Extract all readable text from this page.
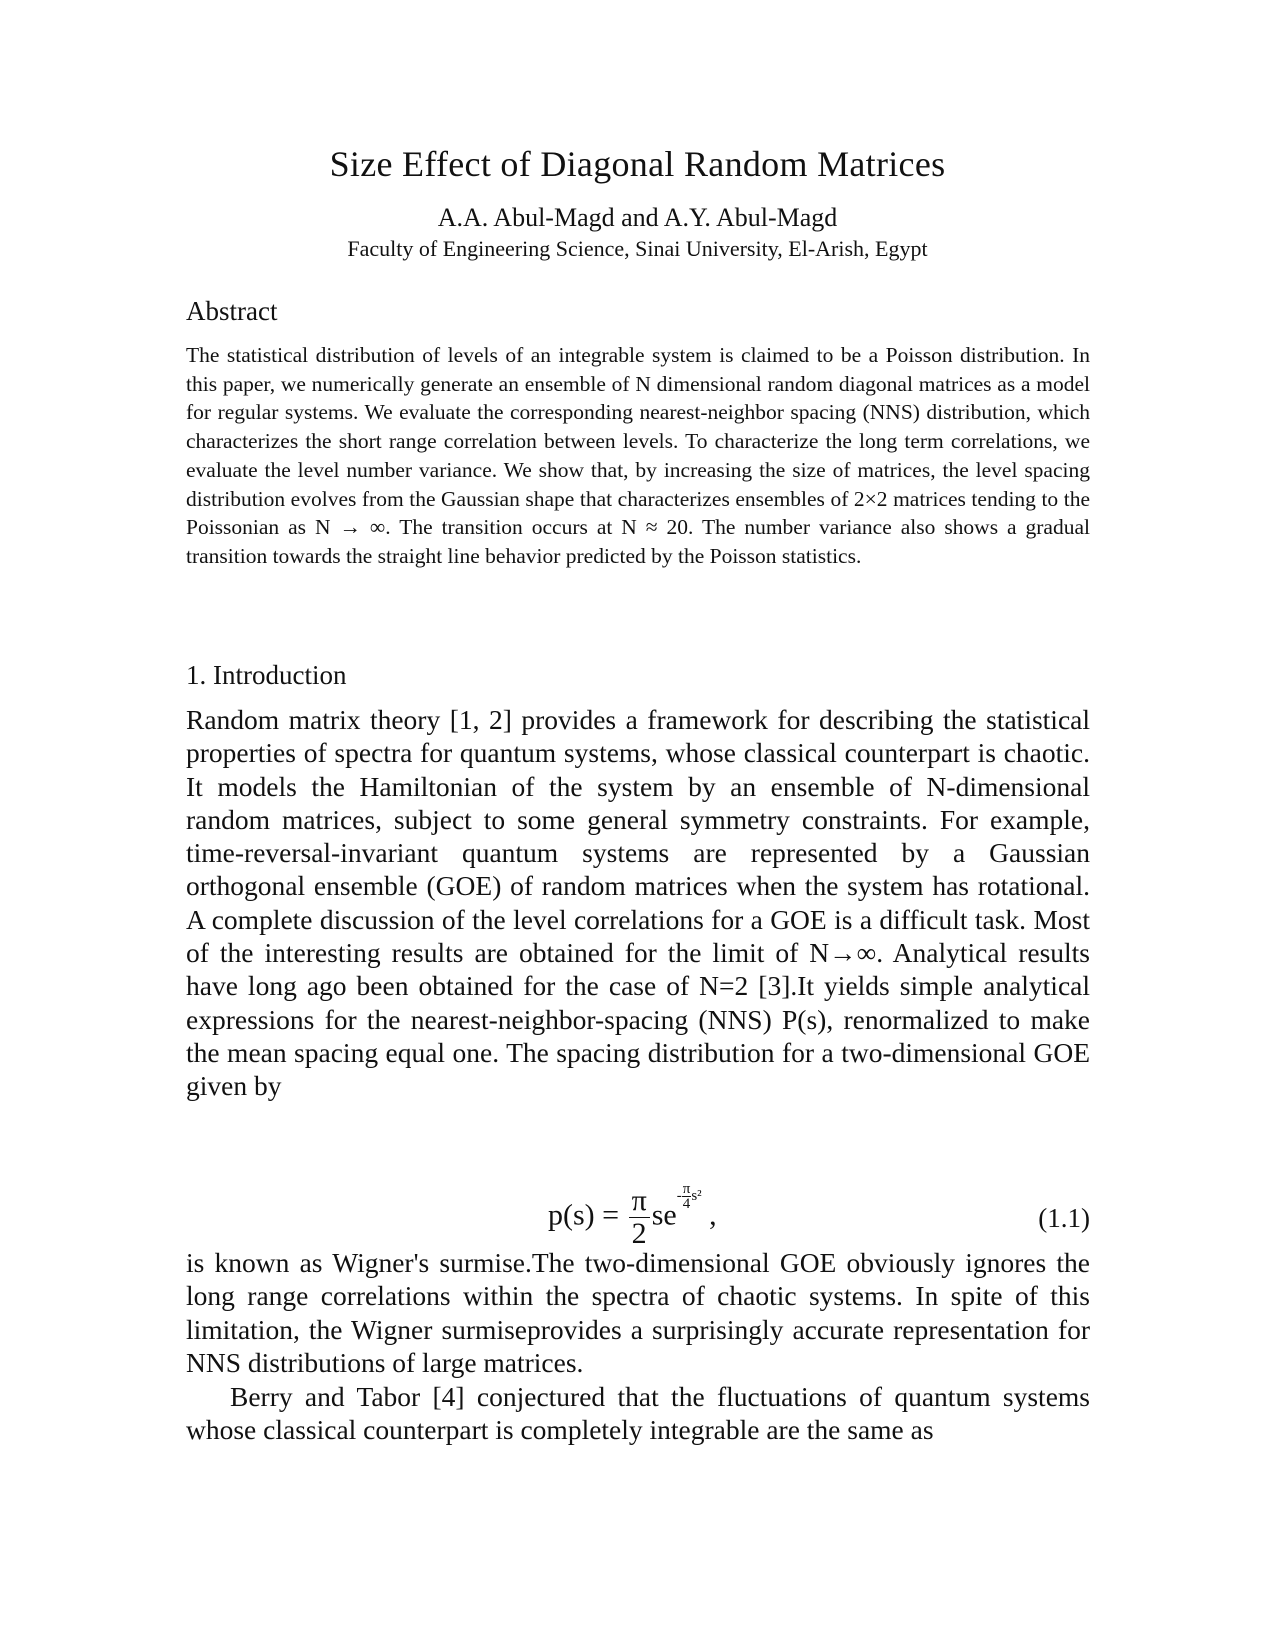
Size Effect of Diagonal Random Matrices
A.A. Abul-Magd and A.Y. Abul-Magd
Faculty of Engineering Science, Sinai University, El-Arish, Egypt
Abstract
The statistical distribution of levels of an integrable system is claimed to be a Poisson distribution. In this paper, we numerically generate an ensemble of N dimensional random diagonal matrices as a model for regular systems. We evaluate the corresponding nearest-neighbor spacing (NNS) distribution, which characterizes the short range correlation between levels. To characterize the long term correlations, we evaluate the level number variance. We show that, by increasing the size of matrices, the level spacing distribution evolves from the Gaussian shape that characterizes ensembles of 2×2 matrices tending to the Poissonian as N → ∞. The transition occurs at N ≈ 20. The number variance also shows a gradual transition towards the straight line behavior predicted by the Poisson statistics.
1. Introduction
Random matrix theory [1, 2] provides a framework for describing the statistical properties of spectra for quantum systems, whose classical counterpart is chaotic. It models the Hamiltonian of the system by an ensemble of N-dimensional random matrices, subject to some general symmetry constraints. For example, time-reversal-invariant quantum systems are represented by a Gaussian orthogonal ensemble (GOE) of random matrices when the system has rotational. A complete discussion of the level correlations for a GOE is a difficult task. Most of the interesting results are obtained for the limit of N→∞. Analytical results have long ago been obtained for the case of N=2 [3].It yields simple analytical expressions for the nearest-neighbor-spacing (NNS) P(s), renormalized to make the mean spacing equal one. The spacing distribution for a two-dimensional GOE given by
$p(s) = \frac{\pi}{2} se^{- \frac{\pi}{4} s^2}$ ,	(1.1)
is known as Wigner's surmise.The two-dimensional GOE obviously ignores the long range correlations within the spectra of chaotic systems. In spite of this limitation, the Wigner surmiseprovides a surprisingly accurate representation for NNS distributions of large matrices.
Berry and Tabor [4] conjectured that the fluctuations of quantum systems whose classical counterpart is completely integrable are the same as
